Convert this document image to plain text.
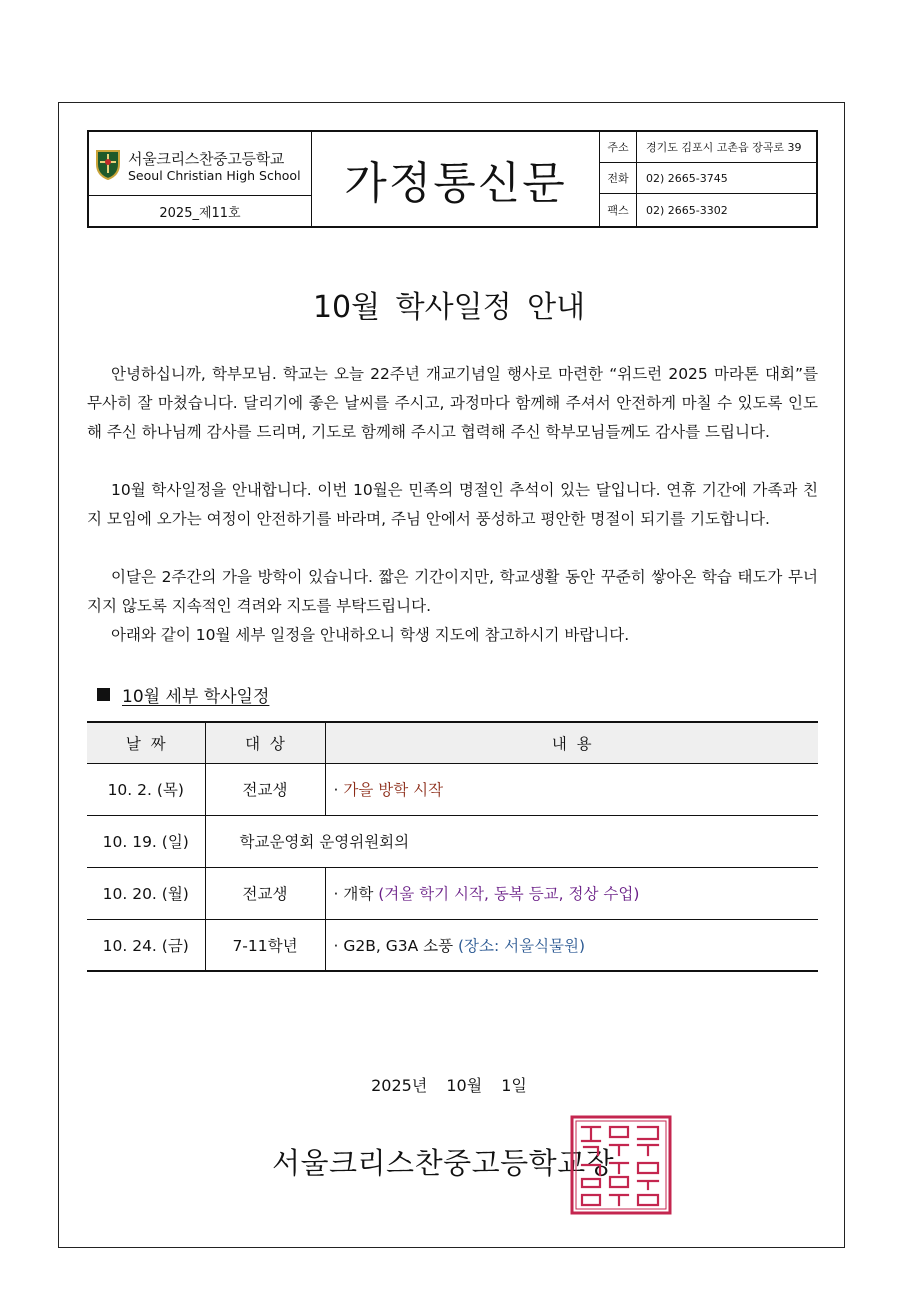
서울크리스찬중고등학교
Seoul Christian High School
2025_제11호
가정통신문
주소	경기도 김포시 고촌읍 장곡로 39
전화	02) 2665-3745
팩스	02) 2665-3302
10월 학사일정 안내

안녕하십니까, 학부모님. 학교는 오늘 22주년 개교기념일 행사로 마련한 “위드런 2025 마라톤 대회”를 무사히 잘 마쳤습니다. 달리기에 좋은 날씨를 주시고, 과정마다 함께해 주셔서 안전하게 마칠 수 있도록 인도해 주신 하나님께 감사를 드리며, 기도로 함께해 주시고 협력해 주신 학부모님들께도 감사를 드립니다.

10월 학사일정을 안내합니다. 이번 10월은 민족의 명절인 추석이 있는 달입니다. 연휴 기간에 가족과 친지 모임에 오가는 여정이 안전하기를 바라며, 주님 안에서 풍성하고 평안한 명절이 되기를 기도합니다.

이달은 2주간의 가을 방학이 있습니다. 짧은 기간이지만, 학교생활 동안 꾸준히 쌓아온 학습 태도가 무너지지 않도록 지속적인 격려와 지도를 부탁드립니다.

아래와 같이 10월 세부 일정을 안내하오니 학생 지도에 참고하시기 바랍니다.

10월 세부 학사일정
날  짜	대  상	내  용
10. 2. (목)	전교생	· 가을 방학 시작
10. 19. (일)	학교운영회 운영위원회의	
10. 20. (월)	전교생	· 개학 (겨울 학기 시작, 동복 등교, 정상 수업)
10. 24. (금)	7-11학년	· G2B, G3A 소풍 (장소: 서울식물원)
2025년 10월 1일
서울크리스찬중고등학교장
